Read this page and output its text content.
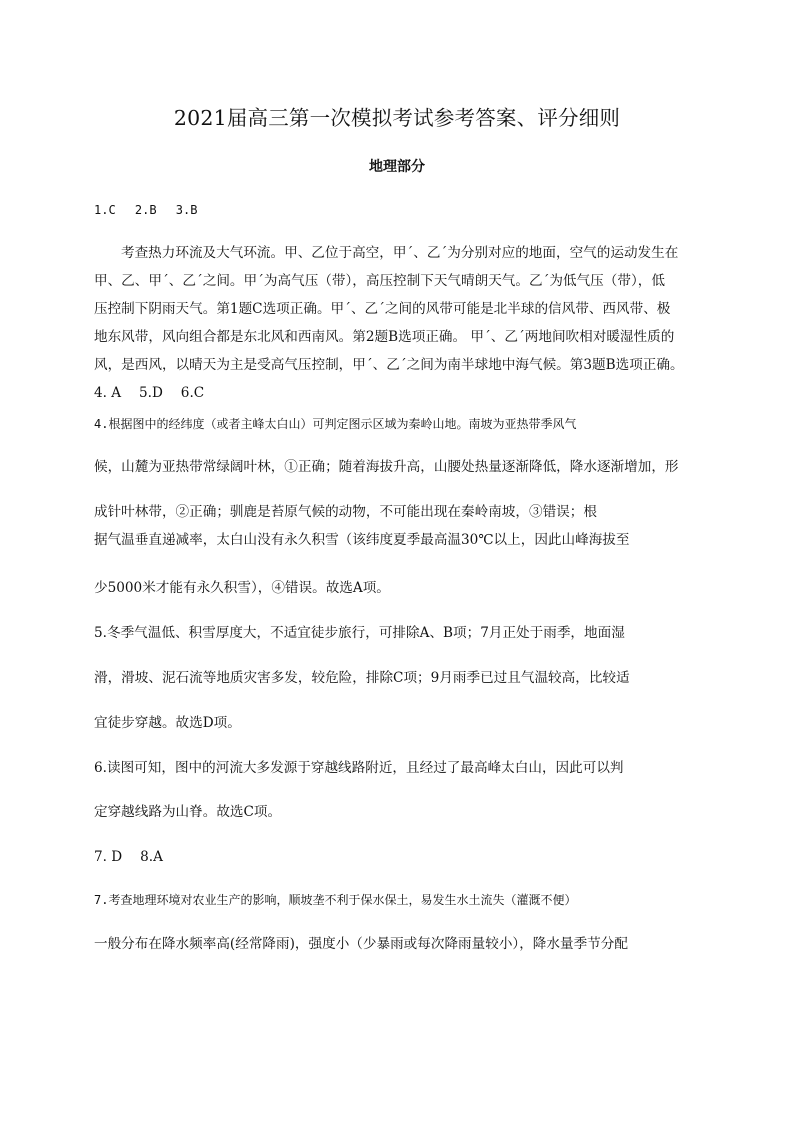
2021届高三第一次模拟考试参考答案、评分细则
地理部分
1.C　 2.B　 3.B
考查热力环流及大气环流。甲、乙位于高空，甲΄、乙΄为分别对应的地面，空气的运动发生在
甲、乙、甲΄、乙΄之间。甲΄为高气压（带），高压控制下天气晴朗天气。乙΄为低气压（带），低
压控制下阴雨天气。第1题C选项正确。甲΄、乙΄之间的风带可能是北半球的信风带、西风带、极
地东风带，风向组合都是东北风和西南风。第2题B选项正确。 甲΄、乙΄两地间吹相对暖湿性质的
风，是西风，以晴天为主是受高气压控制，甲΄、乙΄之间为南半球地中海气候。第3题B选项正确。
4. A　 5.D　 6.C
4.根据图中的经纬度（或者主峰太白山）可判定图示区域为秦岭山地。南坡为亚热带季风气
候，山麓为亚热带常绿阔叶林，①正确；随着海拔升高，山腰处热量逐渐降低，降水逐渐增加，形
成针叶林带，②正确；驯鹿是苔原气候的动物，不可能出现在秦岭南坡，③错误；根
据气温垂直递减率，太白山没有永久积雪（该纬度夏季最高温30℃以上，因此山峰海拔至
少5000米才能有永久积雪），④错误。故选A项。
5.冬季气温低、积雪厚度大，不适宜徒步旅行，可排除A、B项；7月正处于雨季，地面湿
滑，滑坡、泥石流等地质灾害多发，较危险，排除C项；9月雨季已过且气温较高，比较适
宜徒步穿越。故选D项。
6.读图可知，图中的河流大多发源于穿越线路附近，且经过了最高峰太白山，因此可以判
定穿越线路为山脊。故选C项。
7. D　 8.A
7.考查地理环境对农业生产的影响，顺坡垄不利于保水保土，易发生水土流失（灌溉不便）
一般分布在降水频率高(经常降雨)，强度小（少暴雨或每次降雨量较小），降水量季节分配
